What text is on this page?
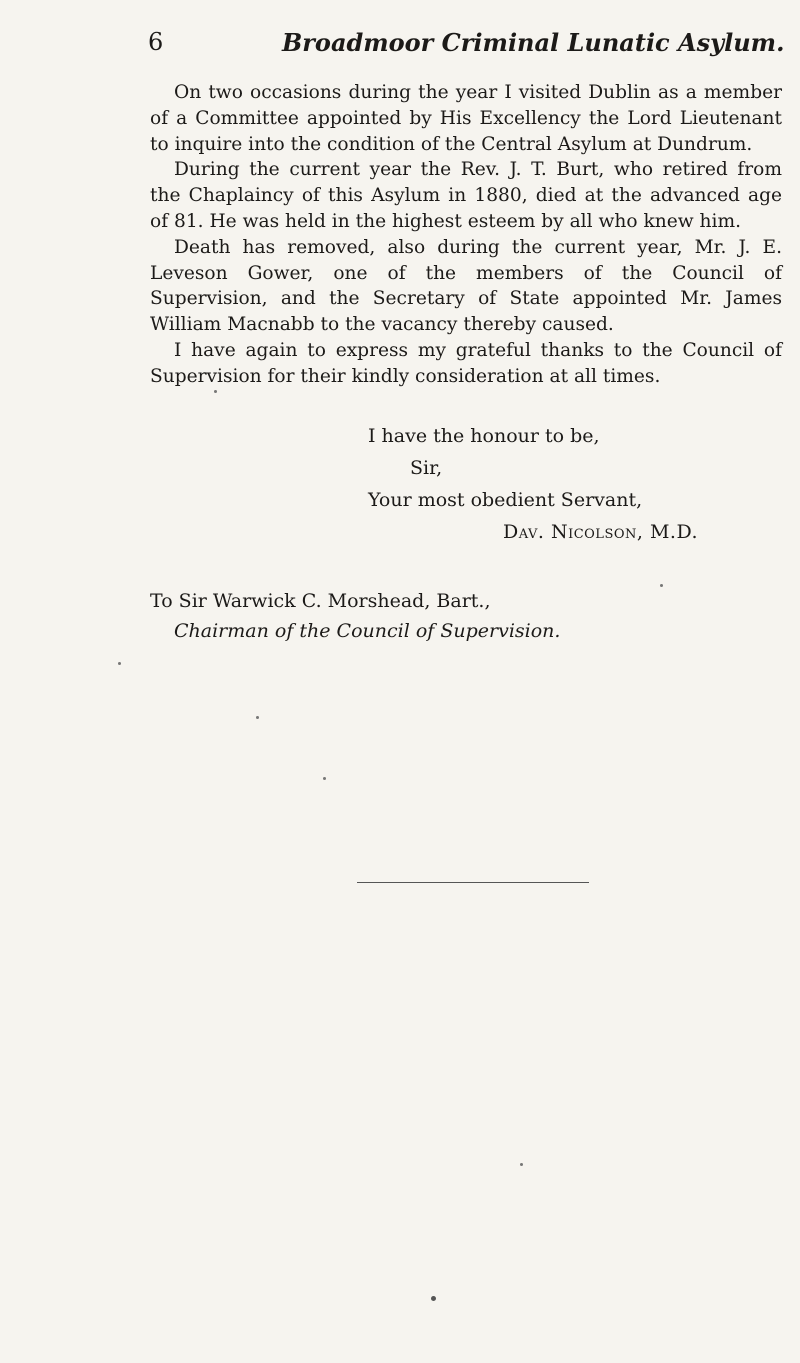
6	Broadmoor Criminal Lunatic Asylum.
On two occasions during the year I visited Dublin as a member
of a Committee appointed by His Excellency the Lord Lieutenant
to inquire into the condition of the Central Asylum at Dundrum.
During the current year the Rev. J. T. Burt, who retired from
the Chaplaincy of this Asylum in 1880, died at the advanced age
of 81. He was held in the highest esteem by all who knew him.
Death has removed, also during the current year, Mr. J. E.
Leveson Gower, one of the members of the Council of
Supervision, and the Secretary of State appointed Mr. James
William Macnabb to the vacancy thereby caused.
I have again to express my grateful thanks to the Council of
Supervision for their kindly consideration at all times.
I have the honour to be,
Sir,
Your most obedient Servant,
Dav. Nicolson, M.D.
To Sir Warwick C. Morshead, Bart.,
Chairman of the Council of Supervision.
